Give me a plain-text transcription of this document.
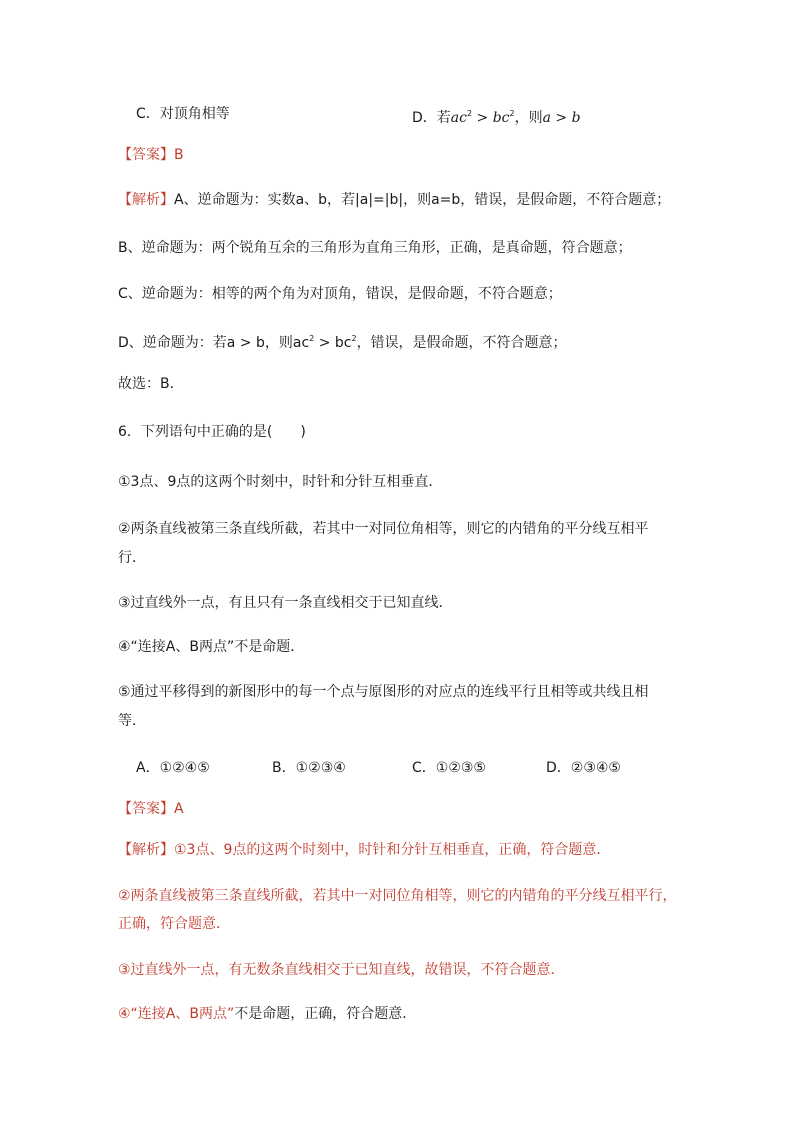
C．对顶角相等	D．若$ac^2 > bc^2$，则a > b
【答案】B
【解析】A、逆命题为：实数a、b，若|a|=|b|，则a=b，错误，是假命题，不符合题意；
B、逆命题为：两个锐角互余的三角形为直角三角形，正确，是真命题，符合题意；
C、逆命题为：相等的两个角为对顶角，错误，是假命题，不符合题意；
D、逆命题为：若a > b，则$ac^2 > bc^2$，错误，是假命题，不符合题意；
故选：B．
6．下列语句中正确的是(　　)
①3点、9点的这两个时刻中，时针和分针互相垂直．
②两条直线被第三条直线所截，若其中一对同位角相等，则它的内错角的平分线互相平
行．
③过直线外一点，有且只有一条直线相交于已知直线．
④“连接A、B两点”不是命题．
⑤通过平移得到的新图形中的每一个点与原图形的对应点的连线平行且相等或共线且相
等．
A．①②④⑤	B．①②③④	C．①②③⑤	D．②③④⑤
【答案】A
【解析】①3点、9点的这两个时刻中，时针和分针互相垂直，正确，符合题意．
②两条直线被第三条直线所截，若其中一对同位角相等，则它的内错角的平分线互相平行，
正确，符合题意．
③过直线外一点，有无数条直线相交于已知直线，故错误，不符合题意．
④“连接A、B两点”不是命题，正确，符合题意．
